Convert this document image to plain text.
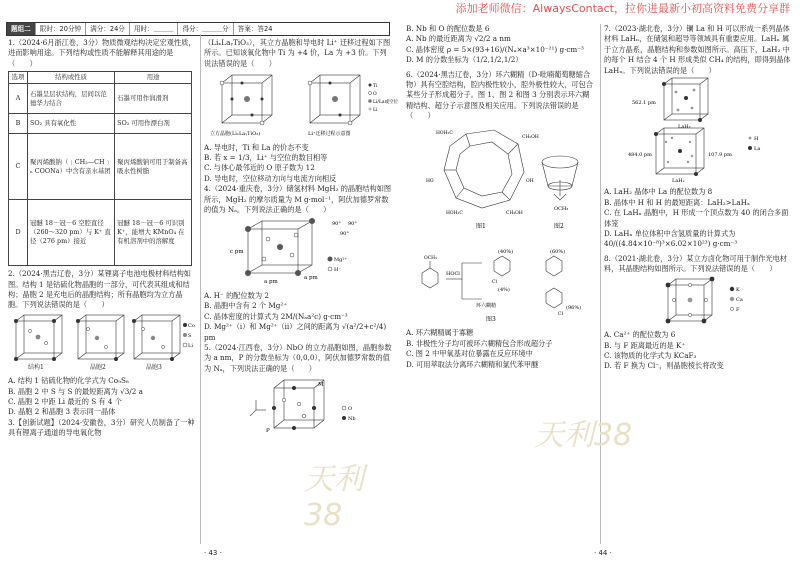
添加老师微信：AlwaysContact，拉你进最新小初高资料免费分享群
题组二	限时：20分钟	满分：24分	用时：＿＿＿	得分：＿＿＿分	答案：答24
1.（2024·6月浙江卷，3分）物质微观结构决定宏观性质，进而影响用途。下列结构或性质不能解释其用途的是（　　）
选项	结构或性质	用途
A	石墨呈层状结构，层间以范德华力结合	石墨可用作润滑剂
B	SO₂ 具有氧化性	SO₂ 可用作漂白剂
C	聚丙烯酸钠（﹝CH₂—CH﹞ₙ COONa）中含有亲水基团	聚丙烯酸钠可用于制备高吸水性树脂
D	冠醚 18－冠－6 空腔直径（260～320 pm）与 K⁺ 直径（276 pm）接近	冠醚 18－冠－6 可识别 K⁺，能增大 KMnO₄ 在有机溶剂中的溶解度
2.（2024·黑吉辽卷，3分）某锂离子电池电极材料结构如图。结构 1 是钴硫化物晶胞的一部分，可代表其组成和结构；晶胞 2 是充电后的晶胞结构；所有晶胞均为立方晶胞。下列说法错误的是（　　）
结构1	晶胞2	晶胞3
Co
S
Li
A. 结构 1 钴硫化物的化学式为 Co₉S₈
B. 晶胞 2 中 S 与 S 的最短距离为 √3/2 a
C. 晶胞 2 中距 Li 最近的 S 有 4 个
D. 晶胞 2 和晶胞 3 表示同一晶体
3.【创新试题】（2024·安徽卷，3分）研究人员制备了一种具有锂离子通道的导电氧化物
（LiₓLaᵧTiO₃），其立方晶胞和导电时 Li⁺ 迁移过程如下图所示。已知该氧化物中 Ti 为 +4 价，La 为 +3 价。下列说法错误的是（　　）
立方晶胞(LiₓLaᵧTiO₃)	Li⁺迁移过程示意图
Ti
O
Li/La或空位
Li
A. 导电时，Ti 和 La 的价态不变
B. 若 x = 1/3，Li⁺ 与空位的数目相等
C. 与体心最邻近的 O 原子数为 12
D. 导电时，空位移动方向与电流方向相反
4.（2024·重庆卷，3分）储氢材料 MgH₂ 的晶胞结构如图所示，MgH₂ 的摩尔质量为 M g·mol⁻¹，阿伏加德罗常数的值为 Nₐ。下列说法正确的是（　　）
a pm
a pm
c pm
90° 90°
90°
Mg²⁺
H⁻
A. H⁻ 的配位数为 2
B. 晶胞中含有 2 个 Mg²⁺
C. 晶体密度的计算式为 2M/(Nₐa²c) g·cm⁻³
D. Mg²⁺（ⅰ）和 Mg²⁺（ⅱ）之间的距离为 √(a²/2+c²/4) pm
5.（2024·江西卷，3分）NbO 的立方晶胞如图，晶胞参数为 a nm，P 的分数坐标为（0,0,0），阿伏加德罗常数的值为 Nₐ，下列说法正确的是（　　）
P
M
O
Nb
天利38
· 43 ·
B. Nb 和 O 的配位数是 6
A. Nb 的最近距离为 √2/2 a nm
C. 晶体密度 ρ = 5×(93+16)/(Nₐ×a³×10⁻²¹) g·cm⁻³
D. M 的分数坐标为（1/2,1/2,1/2）
6.（2024·黑吉辽卷，3分）环六糊精（D-吡喃葡萄糖缩合物）具有空腔结构，腔内极性较小，腔外极性较大，可包合某些分子形成超分子。图 1、图 2 和图 3 分别表示环六糊精结构、超分子示意图及相关应用。下列说法错误的是（　　）
HOH₂C
CH₂OH
HO	OH
HOH₂C	CH₂OH
OCH₃
图1	图2

OCH₃
HOCl
环六糊精
(40%)	(60%)
(4%)
(96%)
Cl
Cl
图3
A. 环六糊精属于寡糖
B. 非极性分子均可被环六糊精包合形成超分子
C. 图 2 中甲氧基对位暴露在反应环境中
D. 可用萃取法分离环六糊精和氯代苯甲醚
7.（2023·湖北卷，3分）镧 La 和 H 可以形成一系列晶体材料 LaHₙ，在储氢和超导等领域具有重要应用。LaHₙ 属于立方晶系，晶胞结构和参数如图所示。高压下，LaH₂ 中的每个 H 结合 4 个 H 形成类似 CH₄ 的结构，即得到晶体 LaHₓ。下列说法错误的是（　　）
562.1 pm
484.0 pm	107.9 pm
LaH₂
LaHₓ
H
La
A. LaH₂ 晶体中 La 的配位数为 8
B. 晶体中 H 和 H 的最短距离：LaH₂>LaHₓ
C. 在 LaHₓ 晶胞中，H 形成一个顶点数为 40 的闭合多面体笼
D. LaHₓ 单位体积中含氢质量的计算式为 40/((4.84×10⁻⁸)³×6.02×10²³) g·cm⁻³
8.（2021·湖北卷，3分）某立方卤化物可用于制作光电材料，其晶胞结构如图所示。下列说法错误的是（　　）
K
Ca
F
A. Ca²⁺ 的配位数为 6
B. 与 F 距离最近的是 K⁺
C. 该物质的化学式为 KCaF₃
D. 若 F 换为 Cl⁻，则晶胞棱长将改变
天利38
· 44 ·
